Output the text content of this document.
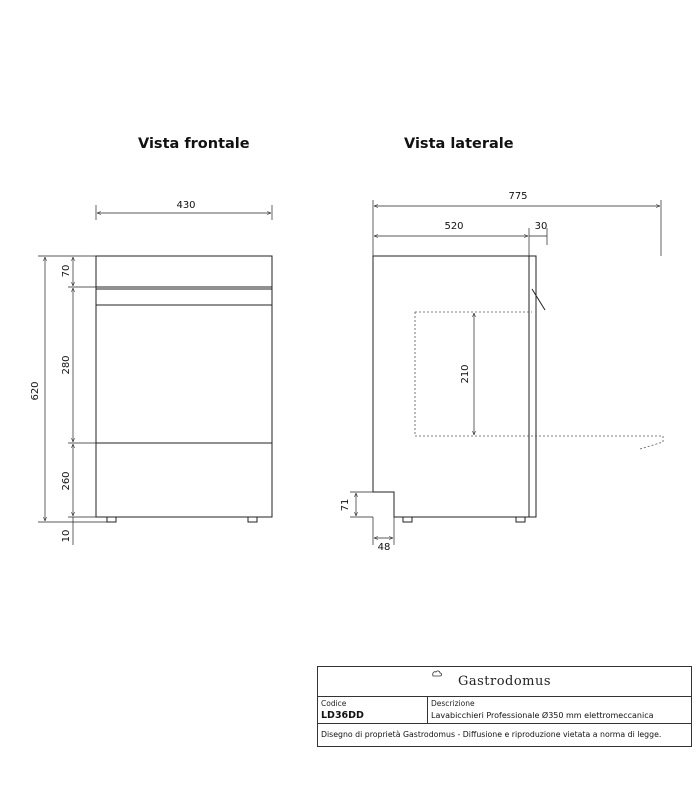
Vista frontale	Vista laterale
430
620
70
280
260
10
775
520	30
210
71
48
Gastrodomus
Codice
LD36DD
Descrizione
Lavabicchieri Professionale Ø350 mm elettromeccanica
Disegno di proprietà Gastrodomus - Diffusione e riproduzione vietata a norma di legge.
